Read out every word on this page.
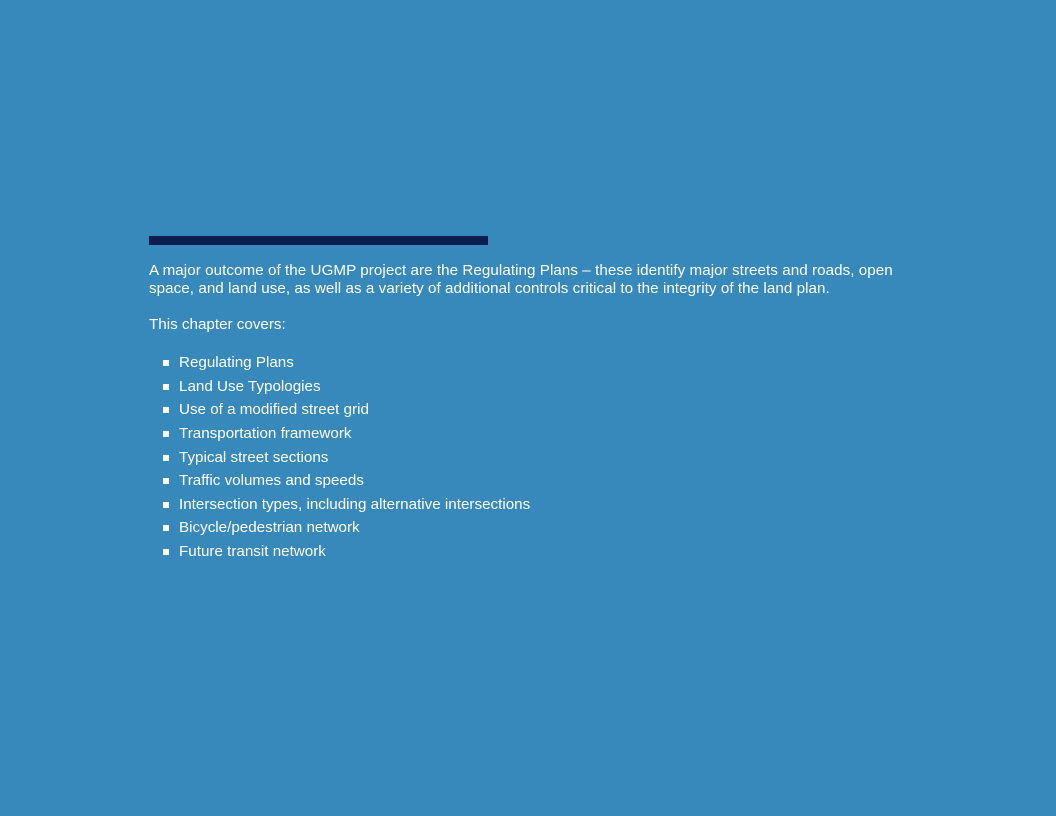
A major outcome of the UGMP project are the Regulating Plans – these identify major streets and roads, open space, and land use, as well as a variety of additional controls critical to the integrity of the land plan.

This chapter covers:

Regulating Plans
Land Use Typologies
Use of a modified street grid
Transportation framework
Typical street sections
Traffic volumes and speeds
Intersection types, including alternative intersections
Bicycle/pedestrian network
Future transit network
